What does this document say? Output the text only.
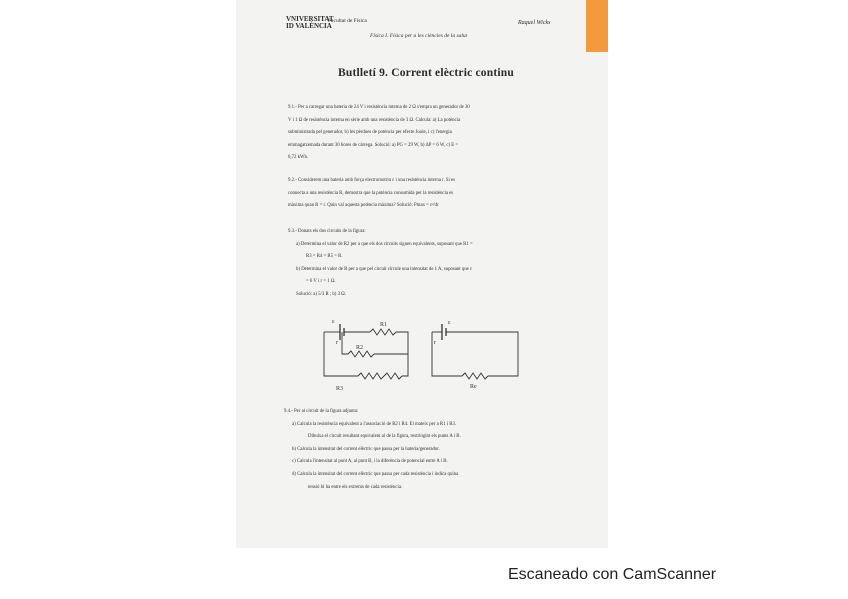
VNIVERSITAT
ID VALÈNCIA
Facultat de Física	Raquel Wicks
Física I. Física per a les ciències de la salut
Butlletí 9. Corrent elèctric continu
9.1.- Per a carregar una bateria de 24 V i resistència interna de 2 Ω s'empra un generador de 30
V i 1 Ω de resistència interna en sèrie amb una resistència de 3 Ω. Calcula: a) La potència
subministrada pel generador, b) les pèrdues de potència per efecte Joule, i c) l'energia
emmagatzemada durant 30 hores de càrrega. Solució: a) PG = 29 W, b) ΔP = 6 W, c) E =
0,72 kWh.
9.2.- Considerem una bateria amb força electromotriu ε i una resistència interna r. Si es
connecta a una resistència R, demostra que la potència consumida per la resistència es
màxima quan R = r. Quin val aquesta potència màxima? Solució: Pmax = ε²/4r
9.3.- Donats els dos circuits de la figura:
a) Determina el valor de R2 per a que els dos circuits siguen equivalents, suposant que R1 =
R3 = R4 = R5 = R.
b) Determina el valor de R per a que pel circuit circule una intensitat de 1 A, suposant que ε
= 6 V i r = 1 Ω.
Solució: a) 5/3 R ; b) 3 Ω.
ε
r
R1
R2
R3
ε
r
Re
9.4.- Per al circuit de la figura adjunta:
a) Calcula la resistència equivalent a l'associació de R2 i R4. El mateix per a R1 i R3.
Dibuixa el circuit resultant equivalent al de la figura, restringint els punts A i B.
b) Calcula la intensitat del corrent elèctric que passa per la bateria/generador.
c) Calcula l'intensitat al punt A, al punt B, i la diferència de potencial entre A i B.
d) Calcula la intensitat del corrent elèctric que passa per cada resistència i indica quina
tensió hi ha entre els extrems de cada resistència.
Escaneado con CamScanner
